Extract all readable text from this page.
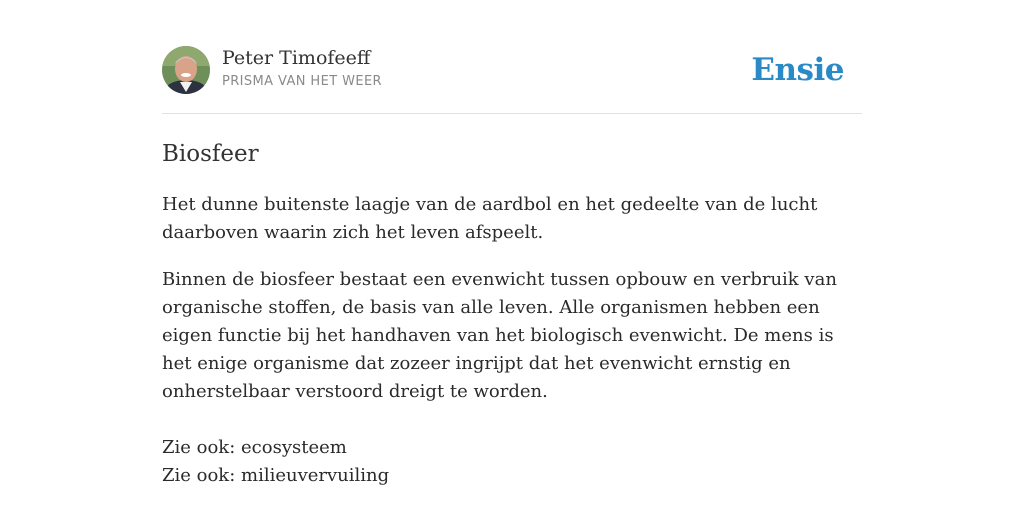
Peter Timofeeff
PRISMA VAN HET WEER	Ensie
Biosfeer

Het dunne buitenste laagje van de aardbol en het gedeelte van de lucht daarboven waarin zich het leven afspeelt.

Binnen de biosfeer bestaat een evenwicht tussen opbouw en verbruik van organische stoffen, de basis van alle leven. Alle organismen hebben een eigen functie bij het handhaven van het biologisch evenwicht. De mens is het enige organisme dat zozeer ingrijpt dat het evenwicht ernstig en onherstelbaar verstoord dreigt te worden.

Zie ook: ecosysteem
Zie ook: milieuvervuiling
